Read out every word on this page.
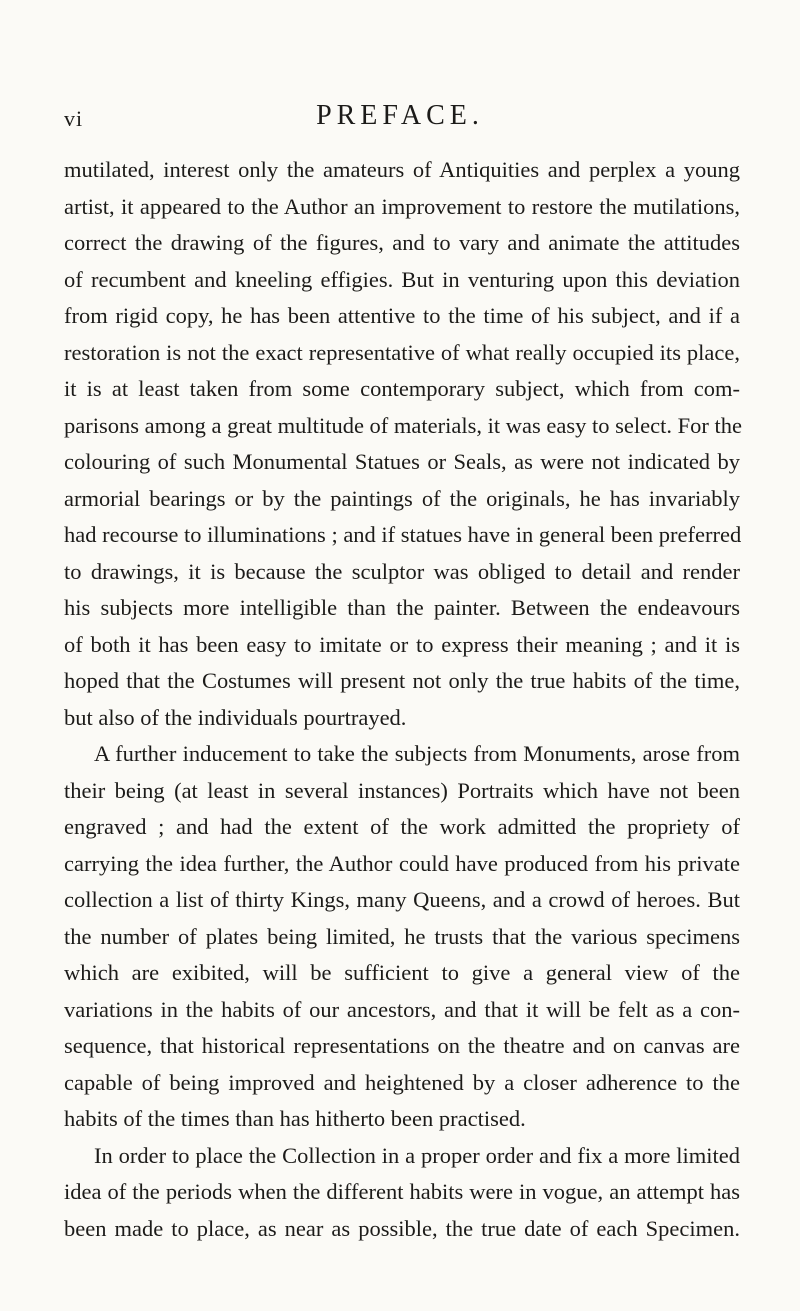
vi	PREFACE.
mutilated, interest only the amateurs of Antiquities and perplex a young
artist, it appeared to the Author an improvement to restore the mutilations,
correct the drawing of the figures, and to vary and animate the attitudes
of recumbent and kneeling effigies. But in venturing upon this deviation
from rigid copy, he has been attentive to the time of his subject, and if a
restoration is not the exact representative of what really occupied its place,
it is at least taken from some contemporary subject, which from com-
parisons among a great multitude of materials, it was easy to select. For the
colouring of such Monumental Statues or Seals, as were not indicated by
armorial bearings or by the paintings of the originals, he has invariably
had recourse to illuminations ; and if statues have in general been preferred
to drawings, it is because the sculptor was obliged to detail and render
his subjects more intelligible than the painter. Between the endeavours
of both it has been easy to imitate or to express their meaning ; and it is
hoped that the Costumes will present not only the true habits of the time,
but also of the individuals pourtrayed.
A further inducement to take the subjects from Monuments, arose from
their being (at least in several instances) Portraits which have not been
engraved ; and had the extent of the work admitted the propriety of
carrying the idea further, the Author could have produced from his private
collection a list of thirty Kings, many Queens, and a crowd of heroes. But
the number of plates being limited, he trusts that the various specimens
which are exibited, will be sufficient to give a general view of the
variations in the habits of our ancestors, and that it will be felt as a con-
sequence, that historical representations on the theatre and on canvas are
capable of being improved and heightened by a closer adherence to the
habits of the times than has hitherto been practised.
In order to place the Collection in a proper order and fix a more limited
idea of the periods when the different habits were in vogue, an attempt has
been made to place, as near as possible, the true date of each Specimen.
